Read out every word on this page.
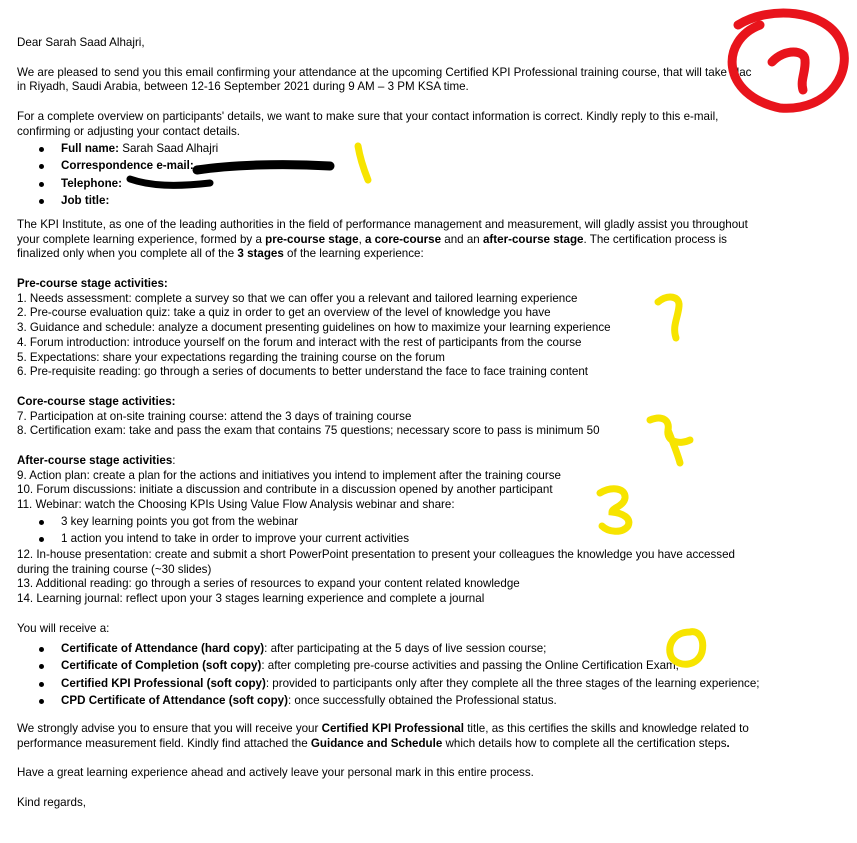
Dear Sarah Saad Alhajri,

We are pleased to send you this email confirming your attendance at the upcoming Certified KPI Professional training course, that will take plac

in Riyadh, Saudi Arabia, between 12-16 September 2021 during 9 AM – 3 PM KSA time.

For a complete overview on participants' details, we want to make sure that your contact information is correct. Kindly reply to this e-mail,

confirming or adjusting your contact details.

Full name: Sarah Saad Alhajri

Correspondence e-mail:

Telephone:

Job title:

The KPI Institute, as one of the leading authorities in the field of performance management and measurement, will gladly assist you throughout

your complete learning experience, formed by a pre-course stage, a core-course and an after-course stage. The certification process is

finalized only when you complete all of the 3 stages of the learning experience:

Pre-course stage activities:

1. Needs assessment: complete a survey so that we can offer you a relevant and tailored learning experience

2. Pre-course evaluation quiz: take a quiz in order to get an overview of the level of knowledge you have

3. Guidance and schedule: analyze a document presenting guidelines on how to maximize your learning experience

4. Forum introduction: introduce yourself on the forum and interact with the rest of participants from the course

5. Expectations: share your expectations regarding the training course on the forum

6. Pre-requisite reading: go through a series of documents to better understand the face to face training content

Core-course stage activities:

7. Participation at on-site training course: attend the 3 days of training course

8. Certification exam: take and pass the exam that contains 75 questions; necessary score to pass is minimum 50

After-course stage activities:

9. Action plan: create a plan for the actions and initiatives you intend to implement after the training course

10. Forum discussions: initiate a discussion and contribute in a discussion opened by another participant

11. Webinar: watch the Choosing KPIs Using Value Flow Analysis webinar and share:

3 key learning points you got from the webinar

1 action you intend to take in order to improve your current activities

12. In-house presentation: create and submit a short PowerPoint presentation to present your colleagues the knowledge you have accessed

during the training course (~30 slides)

13. Additional reading: go through a series of resources to expand your content related knowledge

14. Learning journal: reflect upon your 3 stages learning experience and complete a journal

You will receive a:

Certificate of Attendance (hard copy): after participating at the 5 days of live session course;

Certificate of Completion (soft copy): after completing pre-course activities and passing the Online Certification Exam;

Certified KPI Professional (soft copy): provided to participants only after they complete all the three stages of the learning experience;

CPD Certificate of Attendance (soft copy): once successfully obtained the Professional status.

We strongly advise you to ensure that you will receive your Certified KPI Professional title, as this certifies the skills and knowledge related to

performance measurement field. Kindly find attached the Guidance and Schedule which details how to complete all the certification steps.

Have a great learning experience ahead and actively leave your personal mark in this entire process.

Kind regards,
